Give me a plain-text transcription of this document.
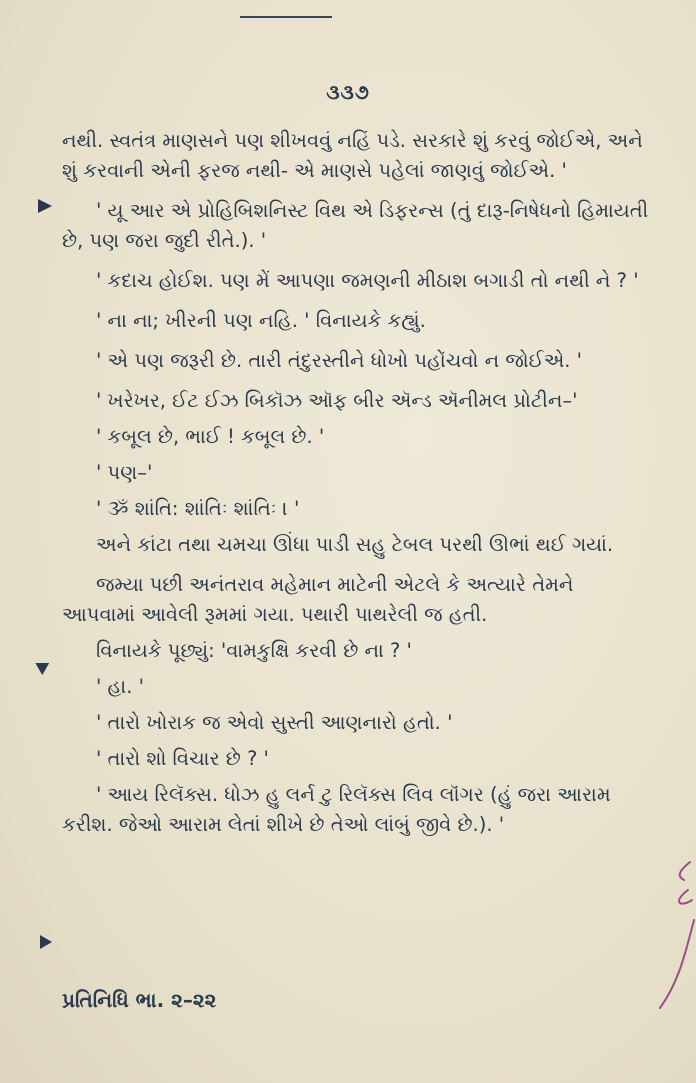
૩૩૭

નથી. સ્વતંત્ર માણસને પણ શીખવવું નહિં પડે. સરકારે શું કરવું જોઈએ, અને શું કરવાની એની ફરજ નથી- એ માણસે પહેલાં જાણવું જોઈએ. '

' યૂ આર એ પ્રોહિબિશનિસ્ટ વિથ એ ડિફરન્સ (તું દારૂ-નિષેધનો હિમાયતી છે, પણ જરા જુદી રીતે.). '

' કદાચ હોઈશ. પણ મેં આપણા જમણની મીઠાશ બગાડી તો નથી ને ? '

' ના ના; ખીરની પણ નહિ. ' વિનાયકે કહ્યું.

' એ પણ જરૂરી છે. તારી તંદુરસ્તીને ધોખો પહોંચવો ન જોઈએ. '

' ખરેખર, ઈટ ઈઝ બિકૉઝ ઑફ બીર ઍન્ડ ઍનીમલ પ્રોટીન–'

' કબૂલ છે, ભાઈ ! કબૂલ છે. '

' પણ–'

' ૐ શાંતિ: શાંતિઃ શાંતિઃ । '

અને કાંટા તથા ચમચા ઊંધા પાડી સહુ ટેબલ પરથી ઊભાં થઈ ગયાં.

જમ્યા પછી અનંતરાવ મહેમાન માટેની એટલે કે અત્યારે તેમને આપવામાં આવેલી રૂમમાં ગયા. પથારી પાથરેલી જ હતી.

વિનાયકે પૂછ્યું: 'વામકુક્ષિ કરવી છે ના ? '

' હા. '

' તારો ખોરાક જ એવો સુસ્તી આણનારો હતો. '

' તારો શો વિચાર છે ? '

' આય રિલૅક્સ. ધોઝ હુ લર્ન ટુ રિલૅક્સ લિવ લૉંગર (હું જરા આરામ કરીશ. જેઓ આરામ લેતાં શીખે છે તેઓ લાંબું જીવે છે.). '

પ્રતિનિધિ ભા. ૨–૨૨
